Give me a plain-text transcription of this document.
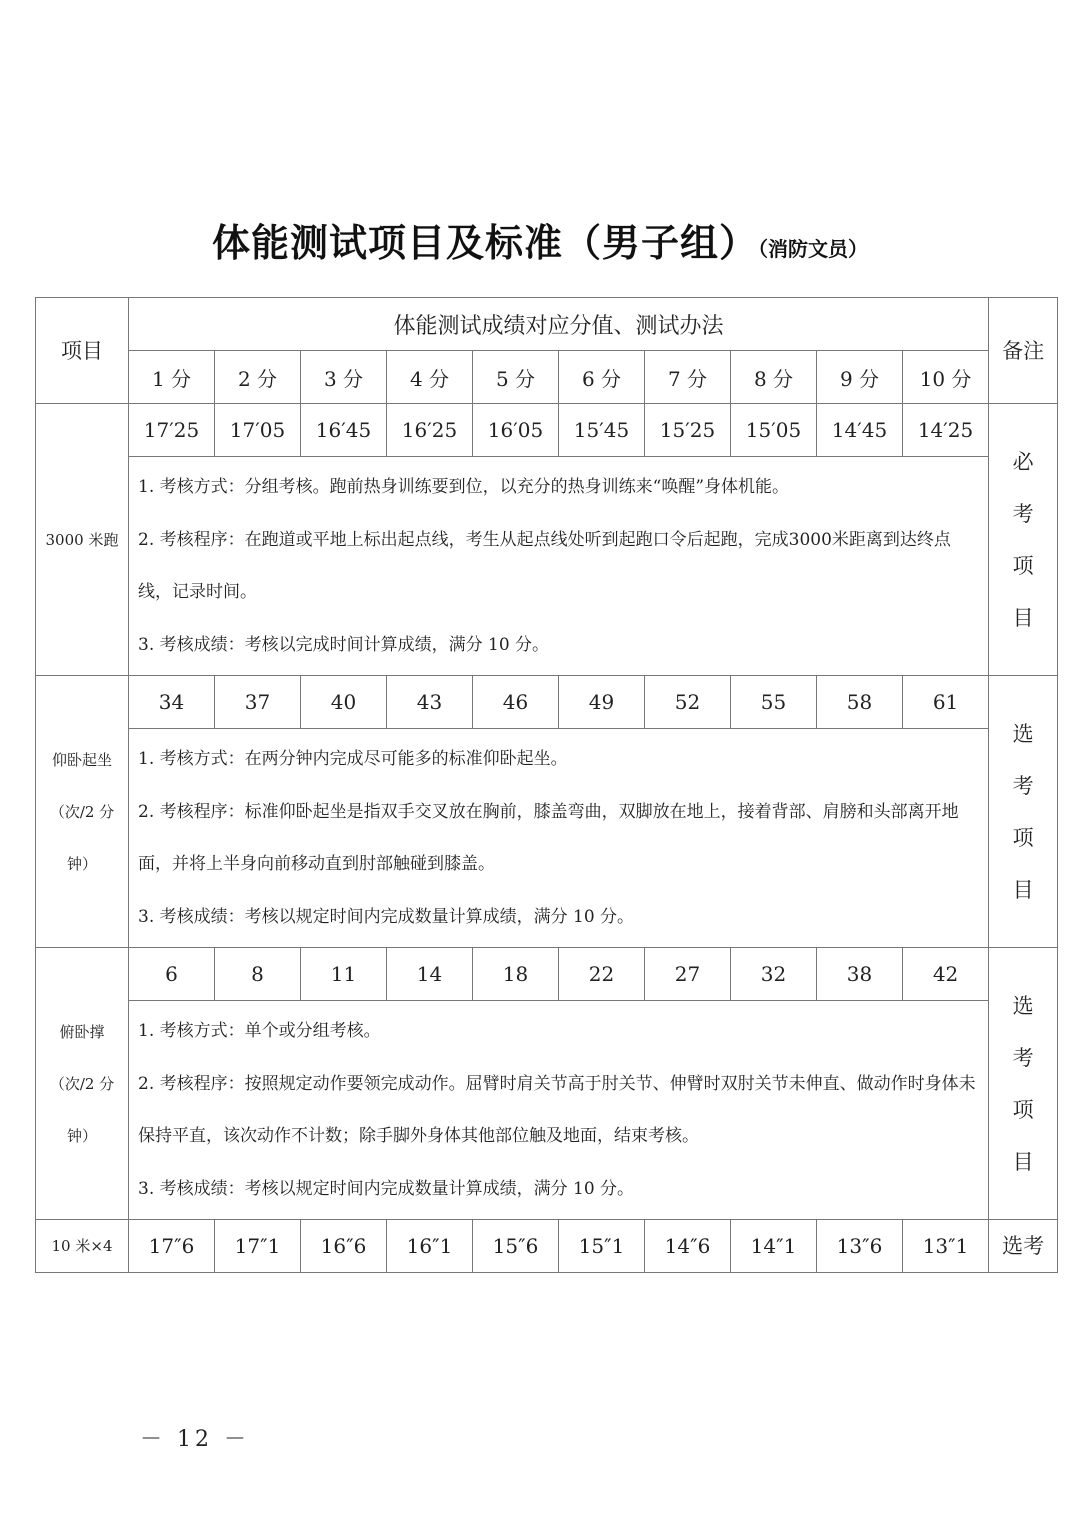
体能测试项目及标准（男子组）（消防文员）
项目	体能测试成绩对应分值、测试办法										备注
	1 分	2 分	3 分	4 分	5 分	6 分	7 分	8 分	9 分	10 分	
3000 米跑	17′25	17′05	16′45	16′25	16′05	15′45	15′25	15′05	14′45	14′25	必考项目

	1. 考核方式：分组考核。跑前热身训练要到位，以充分的热身训练来“唤醒”身体机能。
2. 考核程序：在跑道或平地上标出起点线，考生从起点线处听到起跑口令后起跑，完成3000米距离到达终点线，记录时间。
3. 考核成绩：考核以完成时间计算成绩，满分 10 分。										

仰卧起坐（次/2 分钟）	34	37	40	43	46	49	52	55	58	61	选考项目

	1. 考核方式：在两分钟内完成尽可能多的标准仰卧起坐。
2. 考核程序：标准仰卧起坐是指双手交叉放在胸前，膝盖弯曲，双脚放在地上，接着背部、肩膀和头部离开地面，并将上半身向前移动直到肘部触碰到膝盖。
3. 考核成绩：考核以规定时间内完成数量计算成绩，满分 10 分。										

俯卧撑（次/2 分钟）	6	8	11	14	18	22	27	32	38	42	选考项目

	1. 考核方式：单个或分组考核。
2. 考核程序：按照规定动作要领完成动作。屈臂时肩关节高于肘关节、伸臂时双肘关节未伸直、做动作时身体未保持平直，该次动作不计数；除手脚外身体其他部位触及地面，结束考核。
3. 考核成绩：考核以规定时间内完成数量计算成绩，满分 10 分。										

10 米×4	17″6	17″1	16″6	16″1	15″6	15″1	14″6	14″1	13″6	13″1	选考
－ 12 －
